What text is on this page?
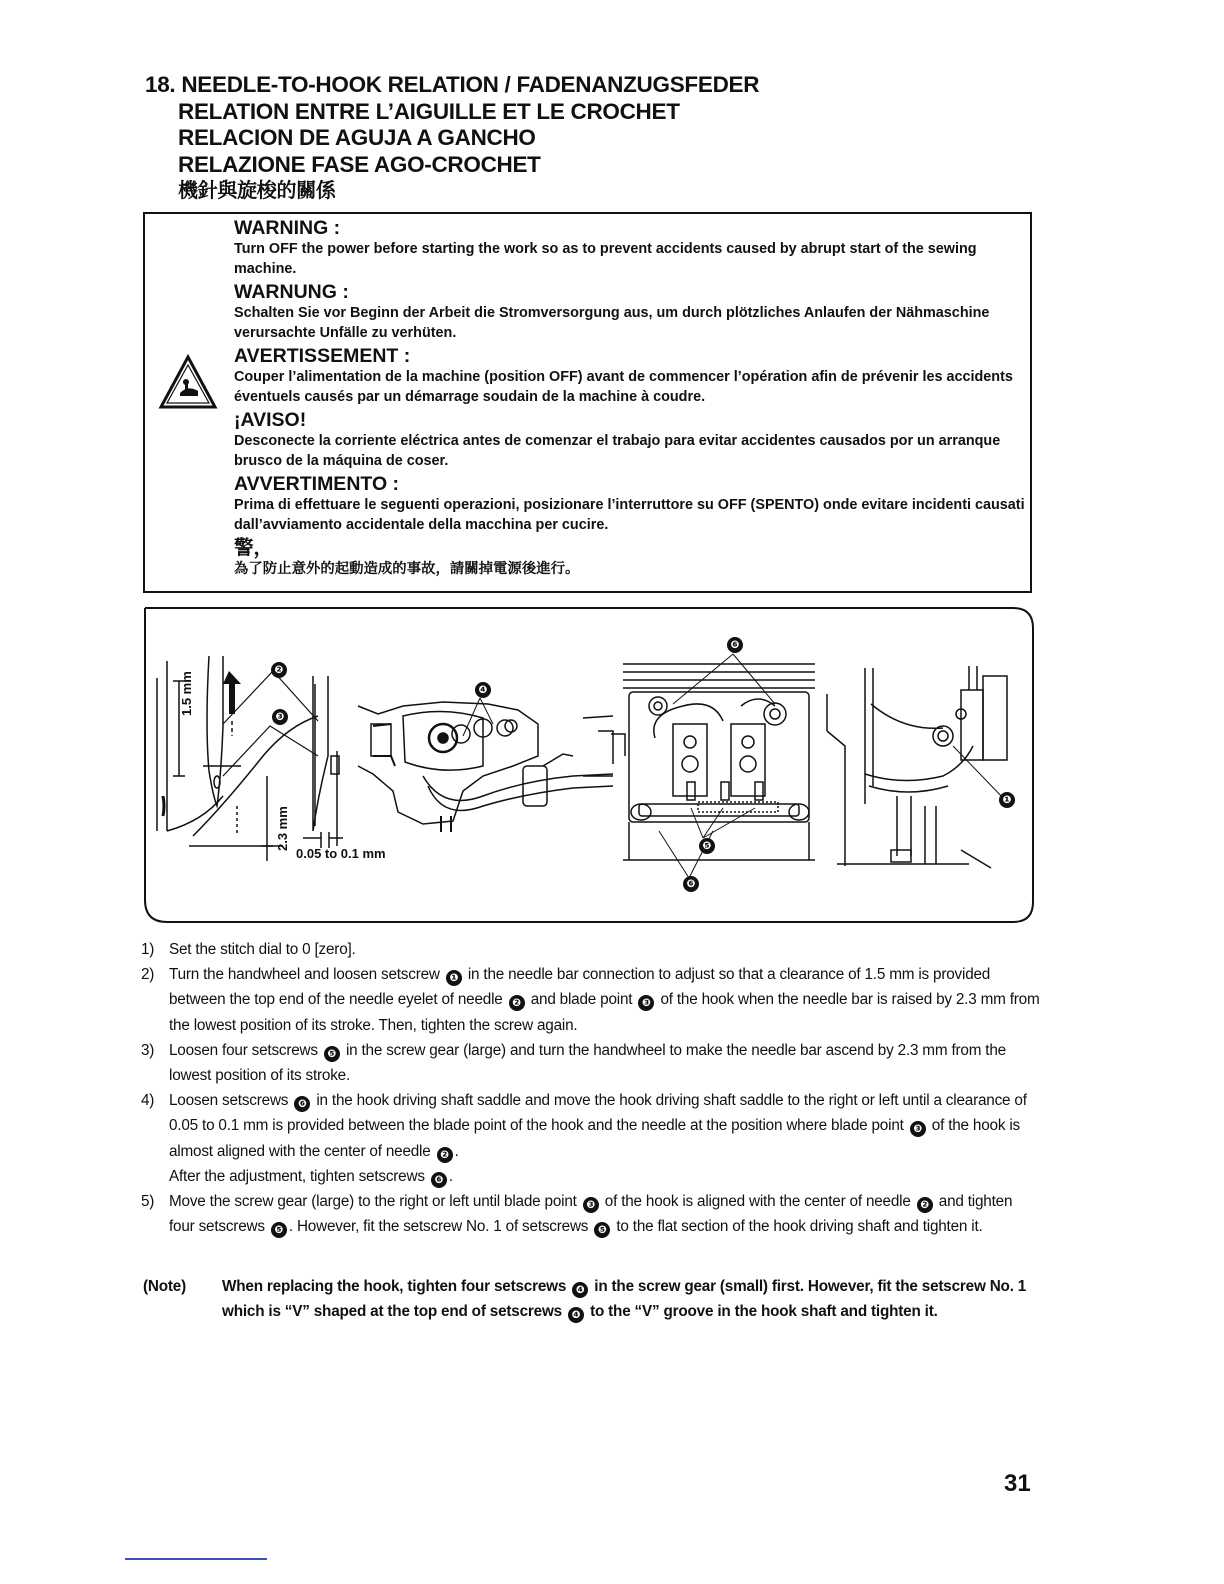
18. NEEDLE-TO-HOOK RELATION / FADENANZUGSFEDER
RELATION ENTRE L’AIGUILLE ET LE CROCHET
RELACION DE AGUJA A GANCHO
RELAZIONE FASE AGO-CROCHET
機針與旋梭的關係
WARNING :
Turn OFF the power before starting the work so as to prevent accidents caused by abrupt start of the sewing machine.
WARNUNG :
Schalten Sie vor Beginn der Arbeit die Stromversorgung aus, um durch plötzliches Anlaufen der Nähmaschine verursachte Unfälle zu verhüten.
AVERTISSEMENT :
Couper l’alimentation de la machine (position OFF) avant de commencer l’opération afin de prévenir les accidents éventuels causés par un démarrage soudain de la machine à coudre.
¡AVISO!
Desconecte la corriente eléctrica antes de comenzar el trabajo para evitar accidentes causados por un arranque brusco de la máquina de coser.
AVVERTIMENTO :
Prima di effettuare le seguenti operazioni, posizionare l’interruttore su OFF (SPENTO) onde evitare incidenti causati dall’avviamento accidentale della macchina per cucire.
警，
為了防止意外的起動造成的事故，請關掉電源後進行。
1.5 mm
2.3 mm
0.05 to 0.1 mm
❷
❸
❹
❻
❺
❻
❶
1) Set the stitch dial to 0 [zero].

2) Turn the handwheel and loosen setscrew ❶ in the needle bar connection to adjust so that a clearance of 1.5 mm is provided between the top end of the needle eyelet of needle ❷ and blade point ❸ of the hook when the needle bar is raised by 2.3 mm from the lowest position of its stroke. Then, tighten the screw again.

3) Loosen four setscrews ❺ in the screw gear (large) and turn the handwheel to make the needle bar ascend by 2.3 mm from the lowest position of its stroke.

4) Loosen setscrews ❻ in the hook driving shaft saddle and move the hook driving shaft saddle to the right or left until a clearance of 0.05 to 0.1 mm is provided between the blade point of the hook and the needle at the position where blade point ❸ of the hook is almost aligned with the center of needle ❷ .

After the adjustment, tighten setscrews ❻ .

5) Move the screw gear (large) to the right or left until blade point ❸ of the hook is aligned with the center of needle ❷ and tighten four setscrews ❺ . However, fit the setscrew No. 1 of setscrews ❺ to the flat section of the hook driving shaft and tighten it.

(Note)	When replacing the hook, tighten four setscrews ❹ in the screw gear (small) first. However, fit the setscrew No. 1 which is “V” shaped at the top end of setscrews ❹ to the “V” groove in the hook shaft and tighten it.
31
